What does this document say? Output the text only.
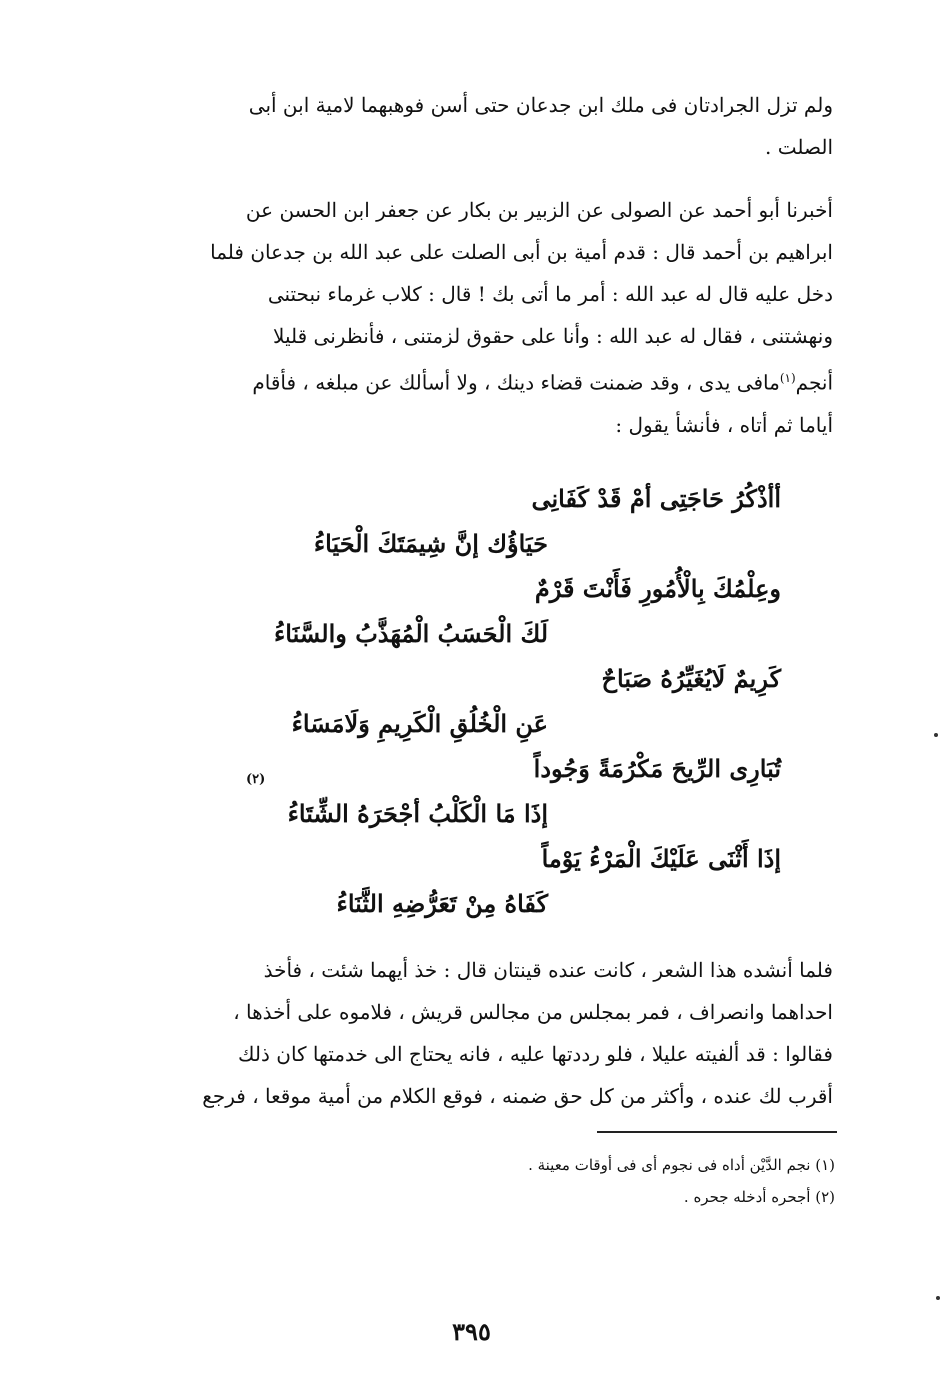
ولم تزل الجرادتان فى ملك ابن جدعان حتى أسن فوهبهما لامية ابن أبى
الصلت .
أخبرنا أبو أحمد عن الصولى عن الزبير بن بكار عن جعفر ابن الحسن عن
ابراهيم بن أحمد قال : قدم أمية بن أبى الصلت على عبد الله بن جدعان فلما
دخل عليه قال له عبد الله : أمر ما أتى بك ! قال : كلاب غرماء نبحتنى
ونهشتنى ، فقال له عبد الله : وأنا على حقوق لزمتنى ، فأنظرنى قليلا
أنجم$^{(١)}$مافى يدى ، وقد ضمنت قضاء دينك ، ولا أسألك عن مبلغه ، فأقام
أياما ثم أتاه ، فأنشأ يقول :
أأذْكُرُ حَاجَتِى أمْ قَدْ كَفَانِى
حَيَاؤُك إنَّ شِيمَتَكَ الْحَيَاءُ
وعِلْمُكَ بِالْأُمُورِ فَأَنْتَ قَرْمٌ
لَكَ الْحَسَبُ الْمُهَذَّبُ والسَّنَاءُ
كَرِيمٌ لَايُغَيِّرُهُ صَبَاحٌ
عَنِ الْخُلُقِ الْكَرِيمِ وَلَامَسَاءُ
تُبَارِى الرِّيحَ مَكْرُمَةً وَجُوداً
(٢)
إذَا مَا الْكَلْبُ أجْحَرَهُ الشِّتَاءُ
إذَا أَثْنَى عَلَيْكَ الْمَرْءُ يَوْماً
كَفَاهُ مِنْ تَعَرُّضِهِ الثَّنَاءُ
فلما أنشده هذا الشعر ، كانت عنده قينتان قال : خذ أيهما شئت ، فأخذ
احداهما وانصراف ، فمر بمجلس من مجالس قريش ، فلاموه على أخذها ،
فقالوا : قد ألفيته عليلا ، فلو رددتها عليه ، فانه يحتاج الى خدمتها كان ذلك
أقرب لك عنده ، وأكثر من كل حق ضمنه ، فوقع الكلام من أمية موقعا ، فرجع
(١) نجم الدَّيْن أداه فى نجوم أى فى أوقات معينة .
(٢) أجحره أدخله جحره .
٣٩٥
